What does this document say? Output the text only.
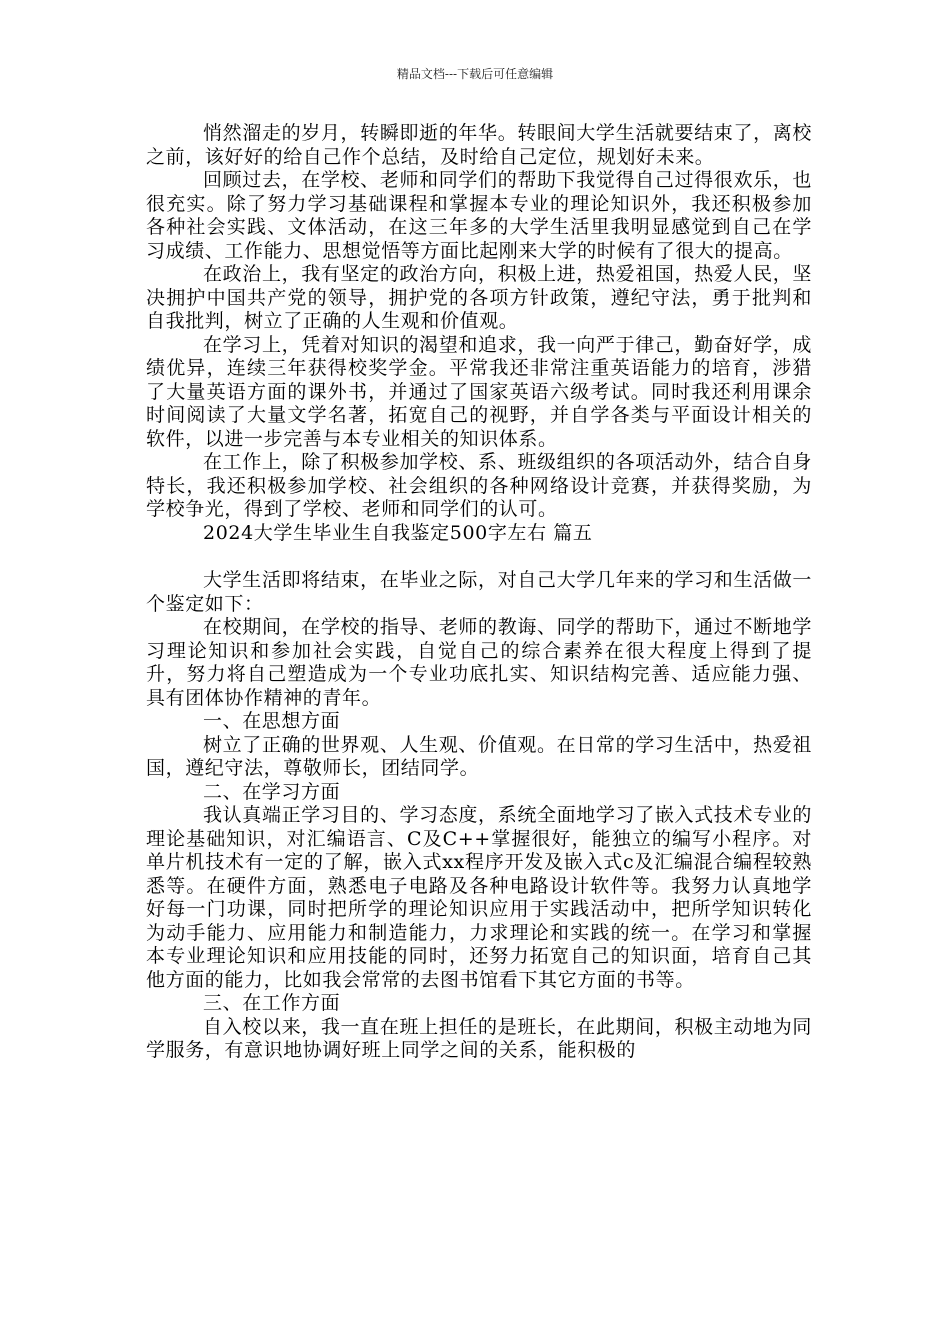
精品文档---下载后可任意编辑

悄然溜走的岁月，转瞬即逝的年华。转眼间大学生活就要结束了，离校之前，该好好的给自己作个总结，及时给自己定位，规划好未来。

回顾过去，在学校、老师和同学们的帮助下我觉得自己过得很欢乐，也很充实。除了努力学习基础课程和掌握本专业的理论知识外，我还积极参加各种社会实践、文体活动，在这三年多的大学生活里我明显感觉到自己在学习成绩、工作能力、思想觉悟等方面比起刚来大学的时候有了很大的提高。

在政治上，我有坚定的政治方向，积极上进，热爱祖国，热爱人民，坚决拥护中国共产党的领导，拥护党的各项方针政策，遵纪守法，勇于批判和自我批判，树立了正确的人生观和价值观。

在学习上，凭着对知识的渴望和追求，我一向严于律己，勤奋好学，成绩优异，连续三年获得校奖学金。平常我还非常注重英语能力的培育，涉猎了大量英语方面的课外书，并通过了国家英语六级考试。同时我还利用课余时间阅读了大量文学名著，拓宽自己的视野，并自学各类与平面设计相关的软件，以进一步完善与本专业相关的知识体系。

在工作上，除了积极参加学校、系、班级组织的各项活动外，结合自身特长，我还积极参加学校、社会组织的各种网络设计竞赛，并获得奖励，为学校争光，得到了学校、老师和同学们的认可。

2024大学生毕业生自我鉴定500字左右 篇五

大学生活即将结束，在毕业之际，对自己大学几年来的学习和生活做一个鉴定如下：

在校期间，在学校的指导、老师的教诲、同学的帮助下，通过不断地学习理论知识和参加社会实践，自觉自己的综合素养在很大程度上得到了提升，努力将自己塑造成为一个专业功底扎实、知识结构完善、适应能力强、具有团体协作精神的青年。

一、在思想方面

树立了正确的世界观、人生观、价值观。在日常的学习生活中，热爱祖国，遵纪守法，尊敬师长，团结同学。

二、在学习方面

我认真端正学习目的、学习态度，系统全面地学习了嵌入式技术专业的理论基础知识，对汇编语言、C及C++掌握很好，能独立的编写小程序。对单片机技术有一定的了解，嵌入式xx程序开发及嵌入式c及汇编混合编程较熟悉等。在硬件方面，熟悉电子电路及各种电路设计软件等。我努力认真地学好每一门功课，同时把所学的理论知识应用于实践活动中，把所学知识转化为动手能力、应用能力和制造能力，力求理论和实践的统一。在学习和掌握本专业理论知识和应用技能的同时，还努力拓宽自己的知识面，培育自己其他方面的能力，比如我会常常的去图书馆看下其它方面的书等。

三、在工作方面

自入校以来，我一直在班上担任的是班长，在此期间，积极主动地为同学服务，有意识地协调好班上同学之间的关系，能积极的
